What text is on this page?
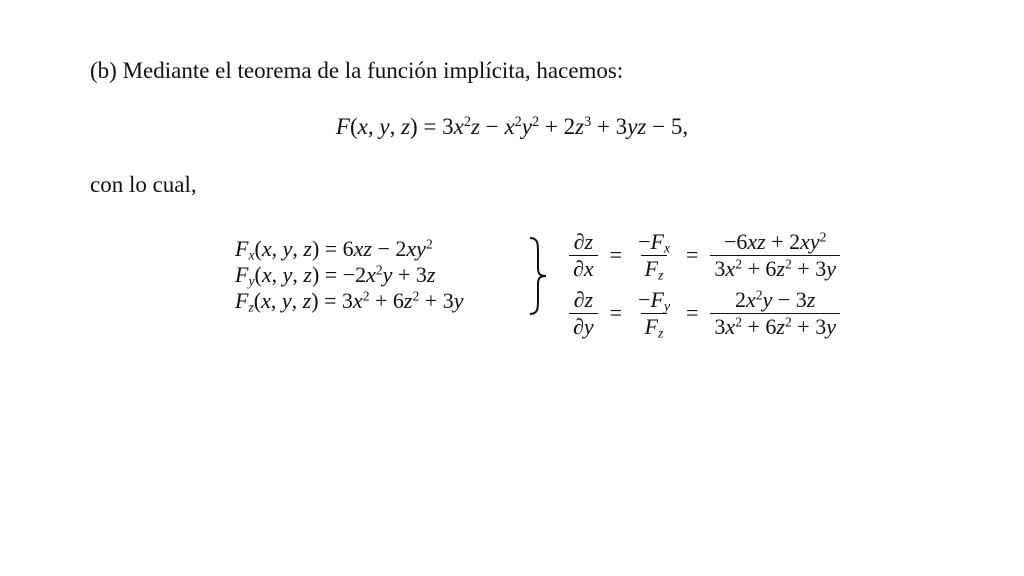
(b) Mediante el teorema de la función implícita, hacemos:
F(x, y, $z) = 3x^2z - x^2y^2 + 2z^3 + 3yz - 5$,
con lo cual,
$F_x(x$, y, $z) = 6xz - 2xy^2$
$F_y(x$, y, $z) = -2x^2y + 3z$
$F_z(x$, y, $z) = 3x^2 + 6z^2 + 3y$
$\frac{\partial z}{\partial x} = \frac{-F_x}{F_z} = \frac{-6xz + 2xy^2}{3x^2 + 6z^2 + 3y}$
$\frac{\partial z}{\partial y} = \frac{-F_y}{F_z} = \frac{2x^2y - 3z}{3x^2 + 6z^2 + 3y}$
